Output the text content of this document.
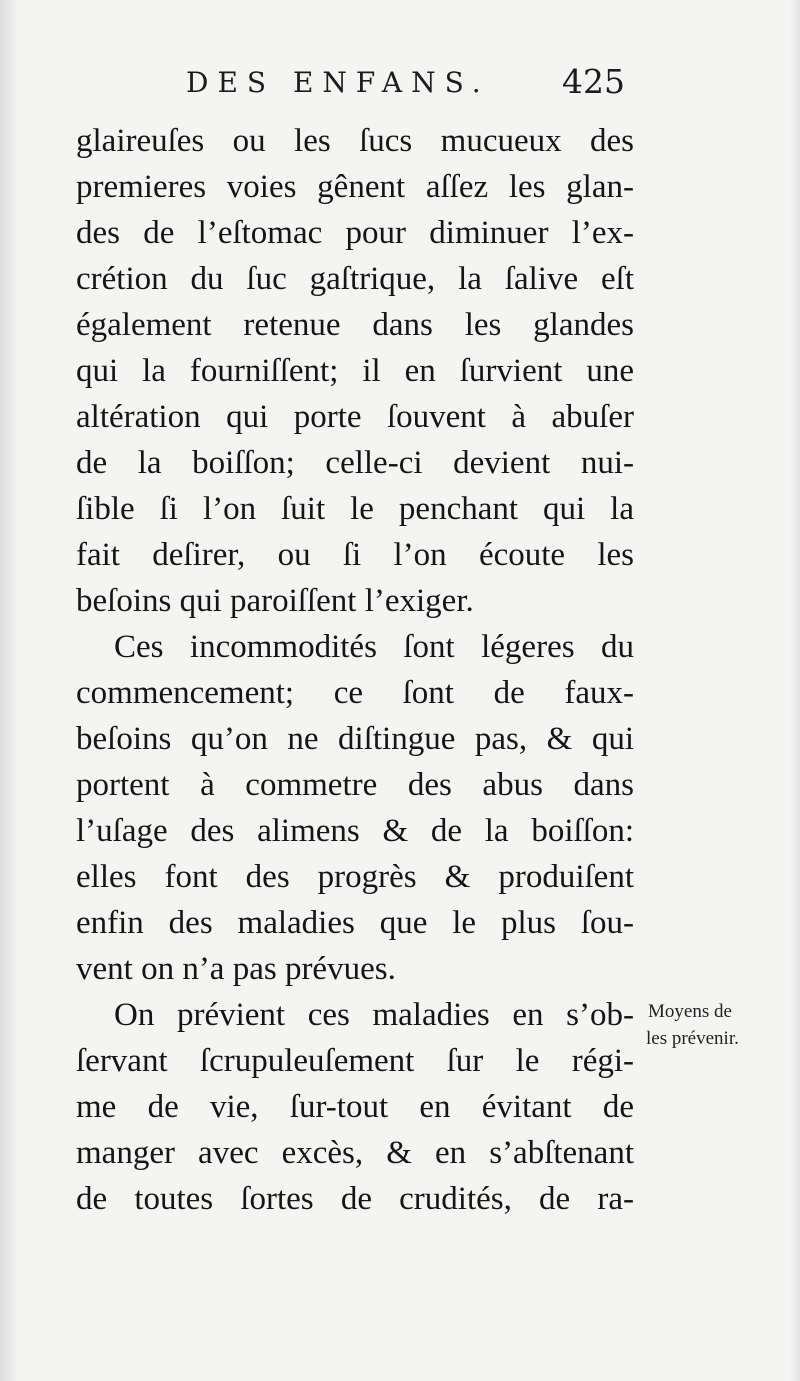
DES ENFANS. 425
glaireuſes ou les ſucs mucueux des
premieres voies gênent aſſez les glan-
des de l’eſtomac pour diminuer l’ex-
crétion du ſuc gaſtrique, la ſalive eſt
également retenue dans les glandes
qui la fourniſſent; il en ſurvient une
altération qui porte ſouvent à abuſer
de la boiſſon; celle-ci devient nui-
ſible ſi l’on ſuit le penchant qui la
fait deſirer, ou ſi l’on écoute les
beſoins qui paroiſſent l’exiger.
Ces incommodités ſont légeres du
commencement; ce ſont de faux-
beſoins qu’on ne diſtingue pas, & qui
portent à commetre des abus dans
l’uſage des alimens & de la boiſſon:
elles font des progrès & produiſent
enfin des maladies que le plus ſou-
vent on n’a pas prévues.
On prévient ces maladies en s’ob-
ſervant ſcrupuleuſement ſur le régi-
me de vie, ſur-tout en évitant de
manger avec excès, & en s’abſtenant
de toutes ſortes de crudités, de ra-
Moyens de
les prévenir.
